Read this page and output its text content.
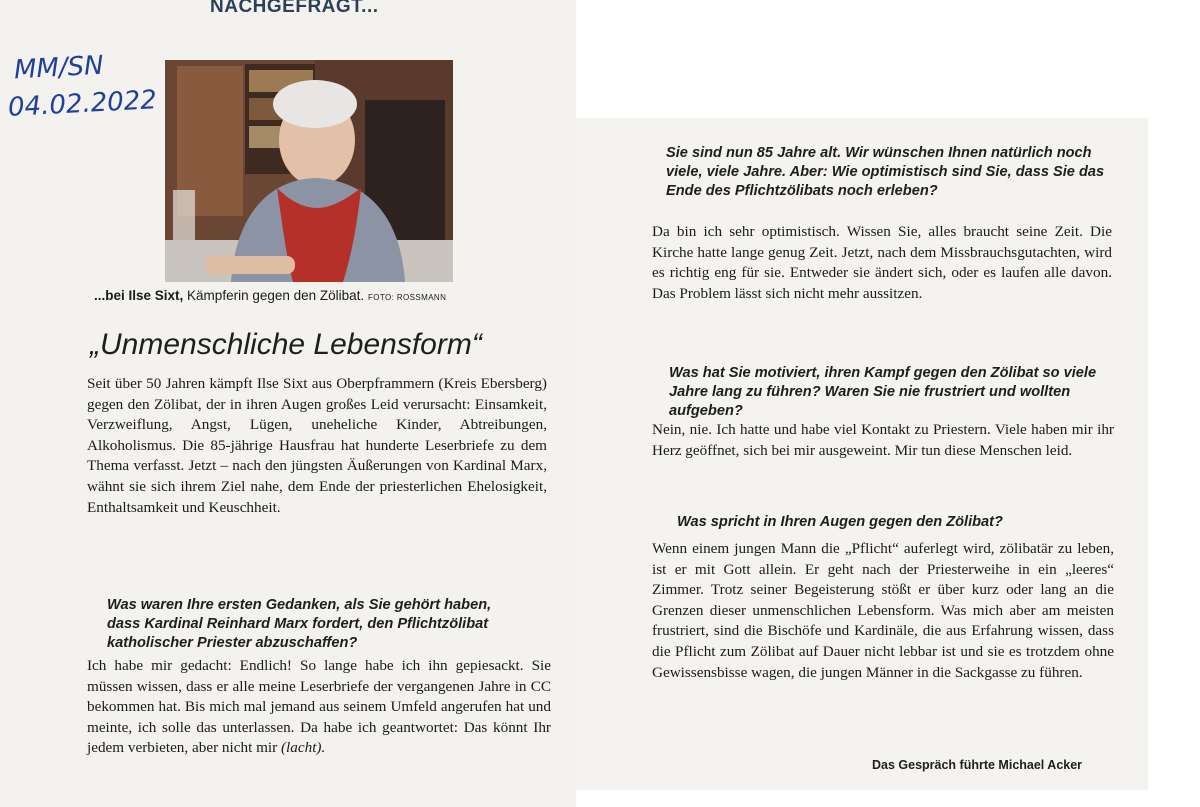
NACHGEFRAGT...
MM/SN
04.02.2022
...bei Ilse Sixt, Kämpferin gegen den Zölibat. FOTO: ROSSMANN
„Unmenschliche Lebensform“

Seit über 50 Jahren kämpft Ilse Sixt aus Oberpframmern (Kreis Ebersberg) gegen den Zölibat, der in ihren Augen großes Leid verursacht: Einsamkeit, Verzweiflung, Angst, Lügen, uneheliche Kinder, Abtreibungen, Alkoholismus. Die 85-jährige Hausfrau hat hunderte Leserbriefe zu dem Thema verfasst. Jetzt – nach den jüngsten Äußerungen von Kardinal Marx, wähnt sie sich ihrem Ziel nahe, dem Ende der priesterlichen Ehelosigkeit, Enthaltsamkeit und Keuschheit.

Was waren Ihre ersten Gedanken, als Sie gehört haben, dass Kardinal Reinhard Marx fordert, den Pflichtzölibat katholischer Priester abzuschaffen?

Ich habe mir gedacht: Endlich! So lange habe ich ihn gepiesackt. Sie müssen wissen, dass er alle meine Leserbriefe der vergangenen Jahre in CC bekommen hat. Bis mich mal jemand aus seinem Umfeld angerufen hat und meinte, ich solle das unterlassen. Da habe ich geantwortet: Das könnt Ihr jedem verbieten, aber nicht mir (lacht).

Sie sind nun 85 Jahre alt. Wir wünschen Ihnen natürlich noch viele, viele Jahre. Aber: Wie optimistisch sind Sie, dass Sie das Ende des Pflichtzölibats noch erleben?

Da bin ich sehr optimistisch. Wissen Sie, alles braucht seine Zeit. Die Kirche hatte lange genug Zeit. Jetzt, nach dem Missbrauchsgutachten, wird es richtig eng für sie. Entweder sie ändert sich, oder es laufen alle davon. Das Problem lässt sich nicht mehr aussitzen.

Was hat Sie motiviert, ihren Kampf gegen den Zölibat so viele Jahre lang zu führen? Waren Sie nie frustriert und wollten aufgeben?

Nein, nie. Ich hatte und habe viel Kontakt zu Priestern. Viele haben mir ihr Herz geöffnet, sich bei mir ausgeweint. Mir tun diese Menschen leid.

Was spricht in Ihren Augen gegen den Zölibat?

Wenn einem jungen Mann die „Pflicht“ auferlegt wird, zölibatär zu leben, ist er mit Gott allein. Er geht nach der Priesterweihe in ein „leeres“ Zimmer. Trotz seiner Begeisterung stößt er über kurz oder lang an die Grenzen dieser unmenschlichen Lebensform. Was mich aber am meisten frustriert, sind die Bischöfe und Kardinäle, die aus Erfahrung wissen, dass die Pflicht zum Zölibat auf Dauer nicht lebbar ist und sie es trotzdem ohne Gewissensbisse wagen, die jungen Männer in die Sackgasse zu führen.

Das Gespräch führte Michael Acker
